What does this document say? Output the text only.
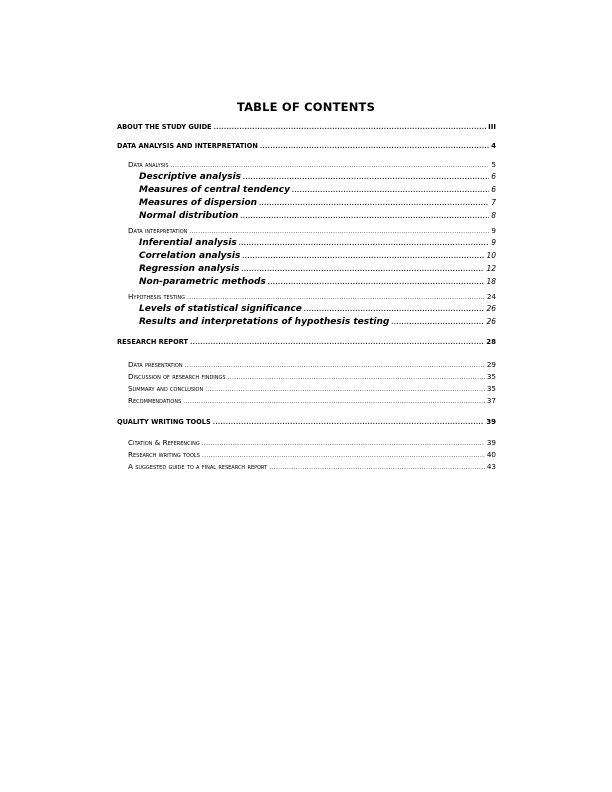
TABLE OF CONTENTS
ABOUT THE STUDY GUIDE .....	III
DATA ANALYSIS AND INTERPRETATION .....	4
Data analysis .....	5
Descriptive analysis .....	6
Measures of central tendency .....	6
Measures of dispersion .....	7
Normal distribution .....	8
Data interpretation .....	9
Inferential analysis .....	9
Correlation analysis .....	10
Regression analysis .....	12
Non-parametric methods .....	18
Hypothesis testing .....	24
Levels of statistical significance .....	26
Results and interpretations of hypothesis testing .....	26
RESEARCH REPORT .....	28
Data presentation .....	29
Discussion of research findings .....	35
Summary and conclusion .....	35
Recommendations .....	37
QUALITY WRITING TOOLS .....	39
Citation & Referencing .....	39
Research writing tools .....	40
A suggested guide to a final research report .....	43
